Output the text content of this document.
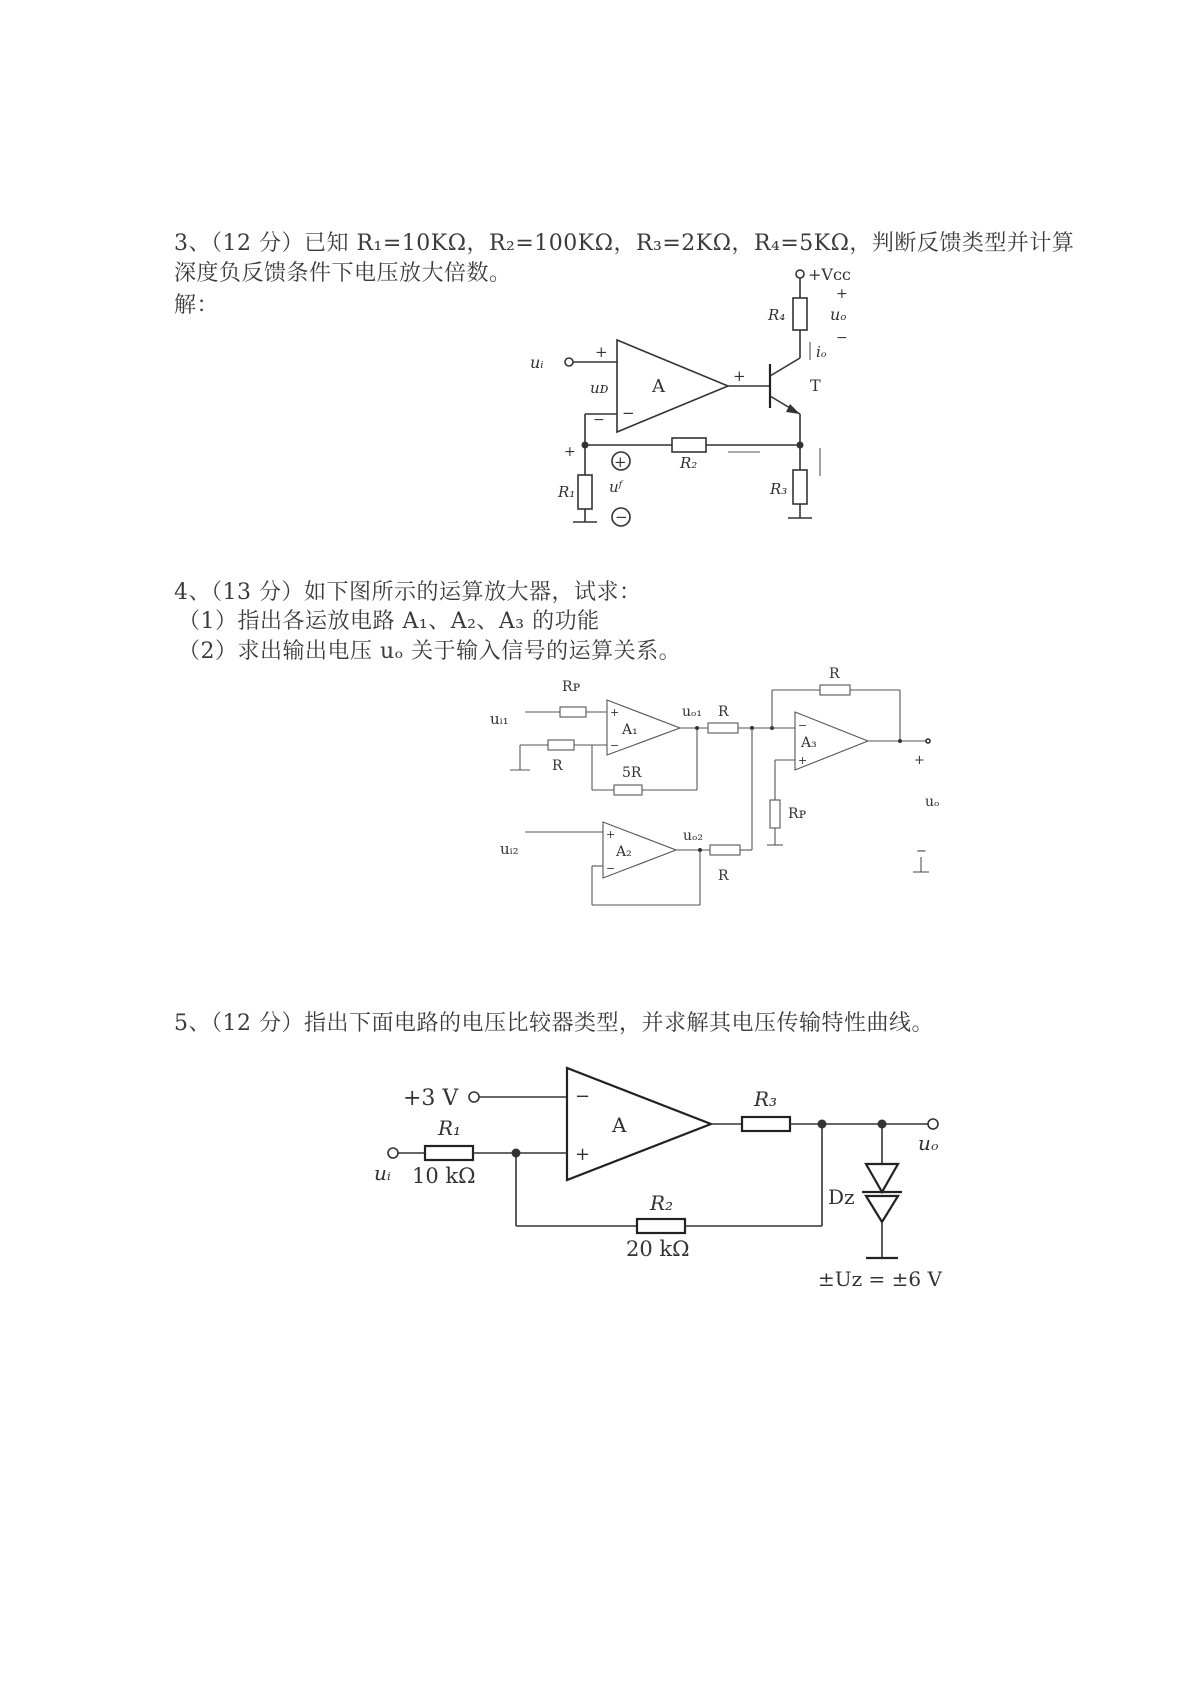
3、（12 分）已知 R₁=10KΩ，R₂=100KΩ，R₃=2KΩ，R₄=5KΩ，判断反馈类型并计算
深度负反馈条件下电压放大倍数。
解：
uᵢ
+
uᴅ A
−
+	T
+Vᴄᴄ
+
R₄	uₒ
−
iₒ
R₃
R₂
+
−
R₁
+
uᶠ
−
4、（13 分）如下图所示的运算放大器，试求：
（1）指出各运放电路 A₁、A₂、A₃ 的功能
（2）求出输出电压 uₒ 关于输入信号的运算关系。
A₁
+
−
uᵢ₁
Rᴘ
R	5R
uₒ₁ R
A₃
−
+
R
+
uₒ
−
Rᴘ
A₂
+
−
uᵢ₂
uₒ₂
R
5、（12 分）指出下面电路的电压比较器类型，并求解其电压传输特性曲线。
+3 V
A
−
+
R₁
uᵢ 10 kΩ
R₃
uₒ
R₂
20 kΩ
Dᴢ
±Uᴢ = ±6 V
